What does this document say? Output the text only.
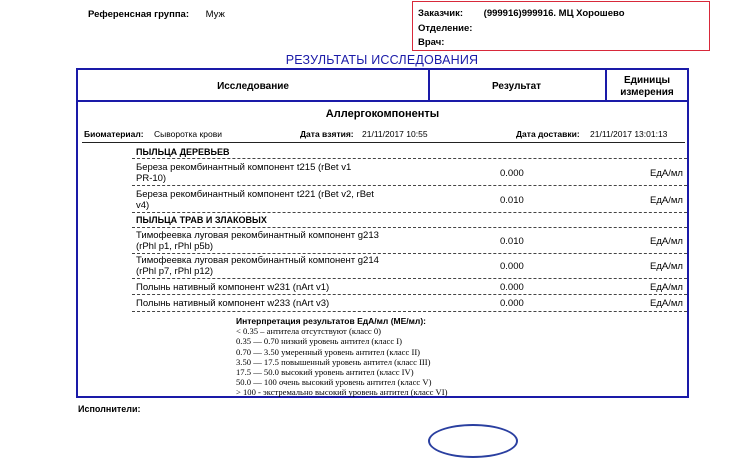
Референсная группа: Муж	Заказчик: (999916)999916. МЦ Хорошево
Отделение:
Врач:
РЕЗУЛЬТАТЫ ИССЛЕДОВАНИЯ
Исследование	Результат
Единицы
измерения
Аллергокомпоненты
Биоматериал: Сыворотка крови	Дата взятия: 21/11/2017 10:55	Дата доставки: 21/11/2017 13:01:13
ПЫЛЬЦА ДЕРЕВЬЕВ
Береза рекомбинантный компонент t215 (rBet v1
PR-10)	0.000	ЕдА/мл
Береза рекомбинантный компонент t221 (rBet v2, rBet
v4)	0.010	ЕдА/мл
ПЫЛЬЦА ТРАВ И ЗЛАКОВЫХ
Тимофеевка луговая рекомбинантный компонент g213
(rPhl p1, rPhl p5b)	0.010	ЕдА/мл
Тимофеевка луговая рекомбинантный компонент g214
(rPhl p7, rPhl p12)	0.000	ЕдА/мл
Полынь нативный компонент w231 (nArt v1)	0.000	ЕдА/мл
Полынь нативный компонент w233 (nArt v3)	0.000	ЕдА/мл
Интерпретация результатов ЕдА/мл (МЕ/мл):
< 0.35 – антитела отсутствуют (класс 0)
0.35 — 0.70 низкий уровень антител (класс I)
0.70 — 3.50 умеренный уровень антител (класс II)
3.50 — 17.5 повышенный уровень антител (класс III)
17.5 — 50.0 высокий уровень антител (класс IV)
50.0 — 100 очень высокий уровень антител (класс V)
> 100 - экстремально высокий уровень антител (класс VI)
Исполнители:
